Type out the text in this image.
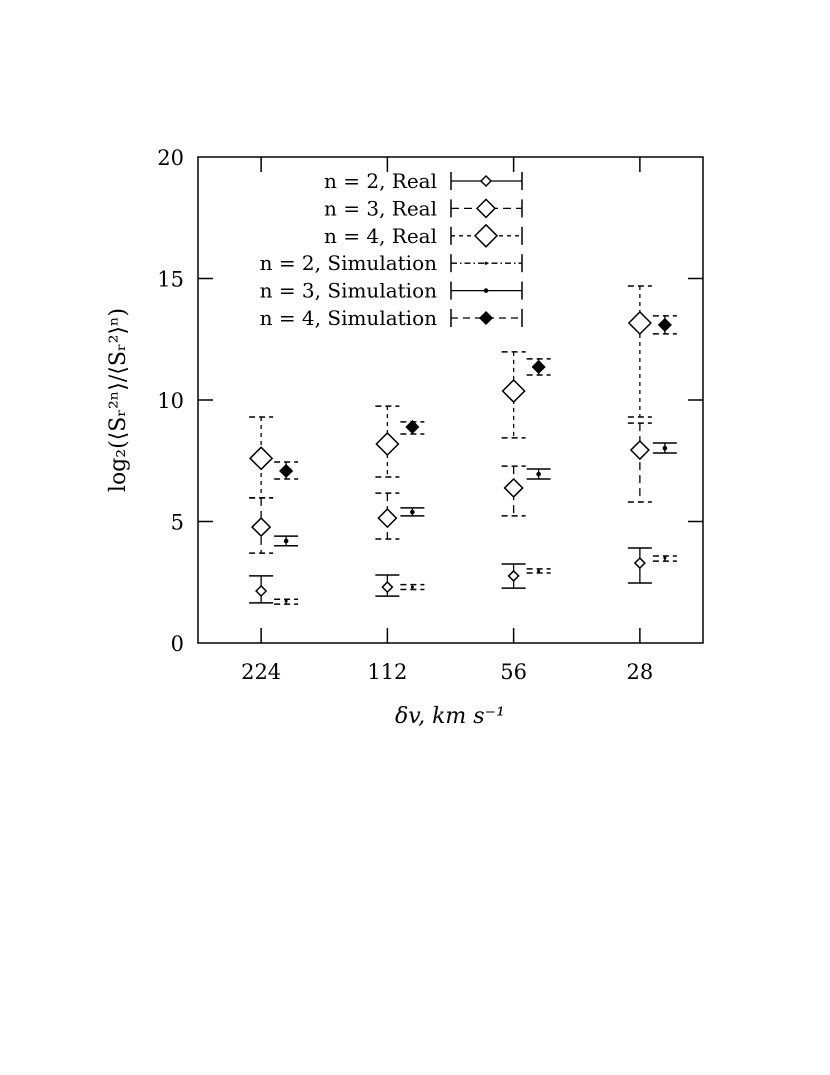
0
5
10
15
20
224	112	56	28
n = 2, Real
n = 3, Real
n = 4, Real
n = 2, Simulation
n = 3, Simulation
n = 4, Simulation
δv, km s⁻¹
log₂(⟨Sᵣ²ⁿ⟩/⟨Sᵣ²⟩ⁿ)
